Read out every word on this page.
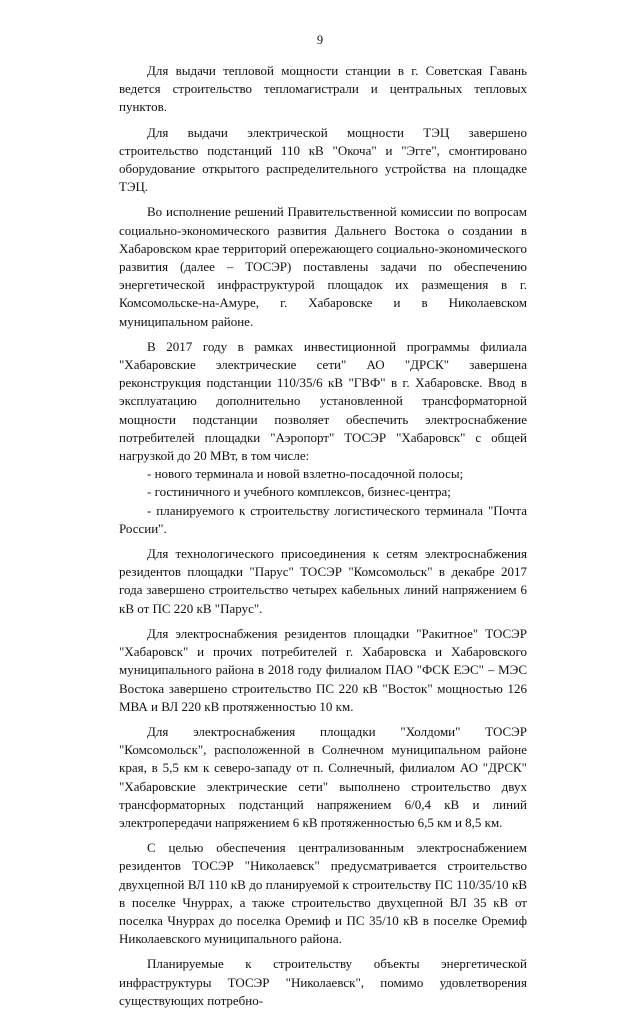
9

Для выдачи тепловой мощности станции в г. Советская Гавань ведется строительство тепломагистрали и центральных тепловых пунктов.

Для выдачи электрической мощности ТЭЦ завершено строительство подстанций 110 кВ "Окоча" и "Эгге", смонтировано оборудование открытого распределительного устройства на площадке ТЭЦ.

Во исполнение решений Правительственной комиссии по вопросам социально-экономического развития Дальнего Востока о создании в Хабаровском крае территорий опережающего социально-экономического развития (далее – ТОСЭР) поставлены задачи по обеспечению энергетической инфраструктурой площадок их размещения в г. Комсомольске-на-Амуре, г. Хабаровске и в Николаевском муниципальном районе.

В 2017 году в рамках инвестиционной программы филиала "Хабаровские электрические сети" АО "ДРСК" завершена реконструкция подстанции 110/35/6 кВ "ГВФ" в г. Хабаровске. Ввод в эксплуатацию дополнительно установленной трансформаторной мощности подстанции позволяет обеспечить электроснабжение потребителей площадки "Аэропорт" ТОСЭР "Хабаровск" с общей нагрузкой до 20 МВт, в том числе:

- нового терминала и новой взлетно-посадочной полосы;
- гостиничного и учебного комплексов, бизнес-центра;
- планируемого к строительству логистического терминала "Почта России".

Для технологического присоединения к сетям электроснабжения резидентов площадки "Парус" ТОСЭР "Комсомольск" в декабре 2017 года завершено строительство четырех кабельных линий напряжением 6 кВ от ПС 220 кВ "Парус".

Для электроснабжения резидентов площадки "Ракитное" ТОСЭР "Хабаровск" и прочих потребителей г. Хабаровска и Хабаровского муниципального района в 2018 году филиалом ПАО "ФСК ЕЭС" – МЭС Востока завершено строительство ПС 220 кВ "Восток" мощностью 126 МВА и ВЛ 220 кВ протяженностью 10 км.

Для электроснабжения площадки "Холдоми" ТОСЭР "Комсомольск", расположенной в Солнечном муниципальном районе края, в 5,5 км к северо-западу от п. Солнечный, филиалом АО "ДРСК" "Хабаровские электрические сети" выполнено строительство двух трансформаторных подстанций напряжением 6/0,4 кВ и линий электропередачи напряжением 6 кВ протяженностью 6,5 км и 8,5 км.

С целью обеспечения централизованным электроснабжением резидентов ТОСЭР "Николаевск" предусматривается строительство двухцепной ВЛ 110 кВ до планируемой к строительству ПС 110/35/10 кВ в поселке Чнуррах, а также строительство двухцепной ВЛ 35 кВ от поселка Чнуррах до поселка Оремиф и ПС 35/10 кВ в поселке Оремиф Николаевского муниципального района.

Планируемые к строительству объекты энергетической инфраструктуры ТОСЭР "Николаевск", помимо удовлетворения существующих потребно-
